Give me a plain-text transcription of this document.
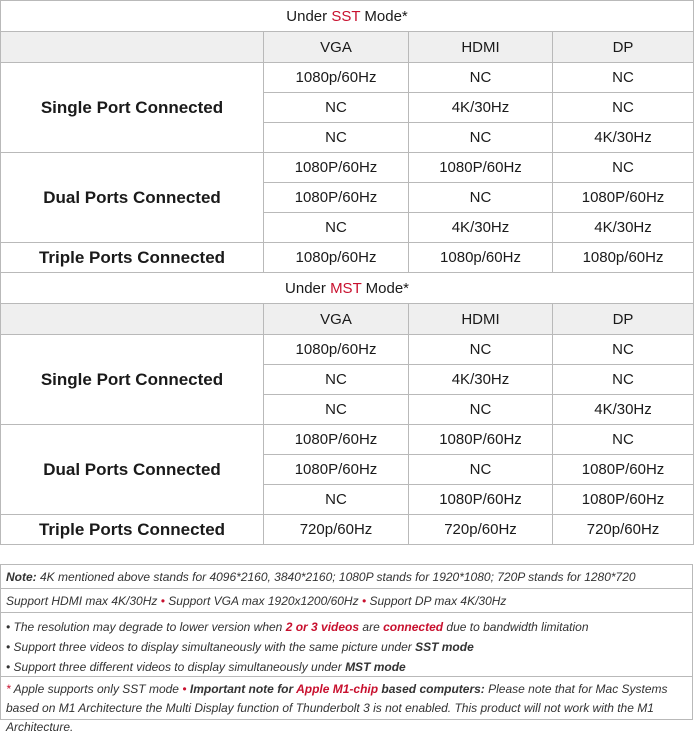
Under SST Mode*			
	VGA	HDMI	DP
Single Port Connected	1080p/60Hz	NC	NC
	NC	4K/30Hz	NC
	NC	NC	4K/30Hz
Dual Ports Connected	1080P/60Hz	1080P/60Hz	NC
	1080P/60Hz	NC	1080P/60Hz
	NC	4K/30Hz	4K/30Hz
Triple Ports Connected	1080p/60Hz	1080p/60Hz	1080p/60Hz
Under MST Mode*			
	VGA	HDMI	DP
Single Port Connected	1080p/60Hz	NC	NC
	NC	4K/30Hz	NC
	NC	NC	4K/30Hz
Dual Ports Connected	1080P/60Hz	1080P/60Hz	NC
	1080P/60Hz	NC	1080P/60Hz
	NC	1080P/60Hz	1080P/60Hz
Triple Ports Connected	720p/60Hz	720p/60Hz	720p/60Hz
Note: 4K mentioned above stands for 4096*2160, 3840*2160; 1080P stands for 1920*1080; 720P stands for 1280*720
Support HDMI max 4K/30Hz • Support VGA max 1920x1200/60Hz • Support DP max 4K/30Hz
• The resolution may degrade to lower version when 2 or 3 videos are connected due to bandwidth limitation
• Support three videos to display simultaneously with the same picture under SST mode
• Support three different videos to display simultaneously under MST mode
* Apple supports only SST mode • Important note for Apple M1-chip based computers: Please note that for Mac Systems based on M1 Architecture the Multi Display function of Thunderbolt 3 is not enabled. This product will not work with the M1 Architecture.
